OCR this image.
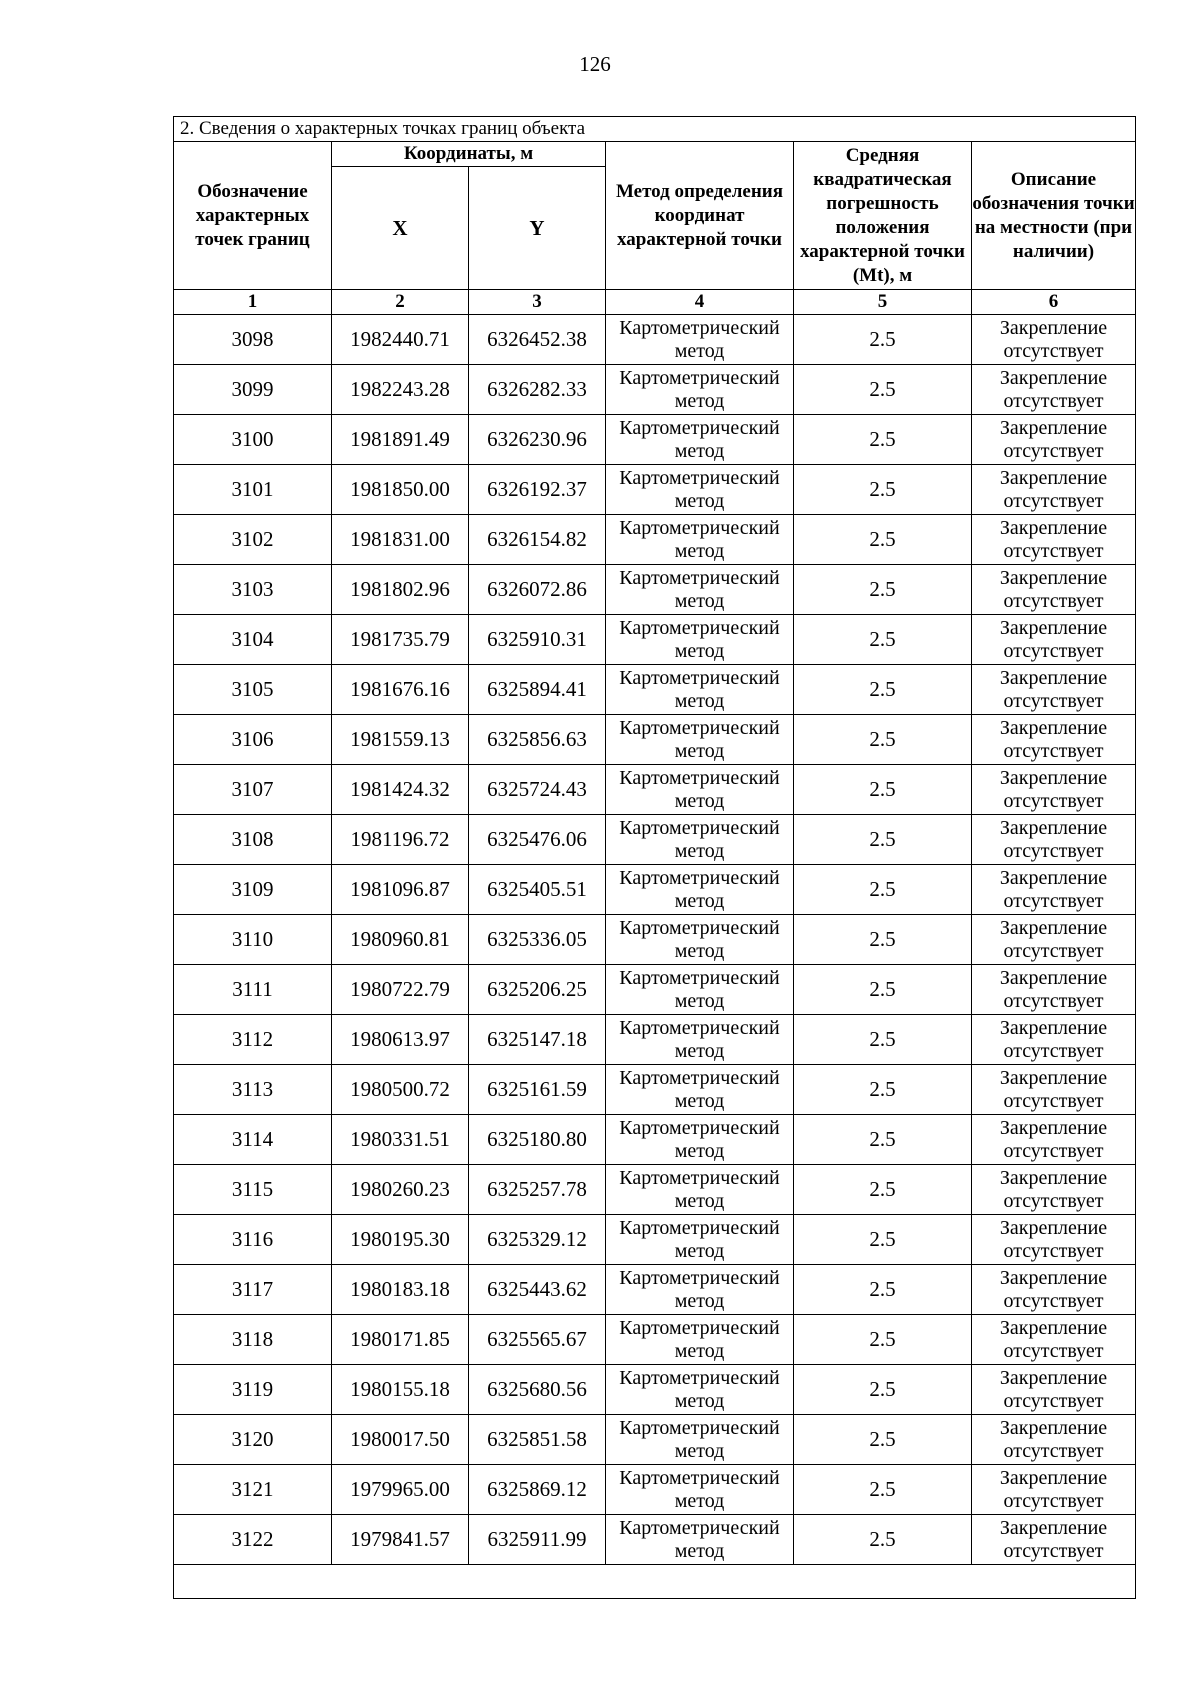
126
2. Сведения о характерных точках границ объекта					
Обозначение характерных точек границ	Координаты, м		Метод определения координат характерной точки	Средняя квадратическая погрешность положения характерной точки (Mt), м	Описание обозначения точки на местности (при наличии)
	X	Y			
1	2	3	4	5	6
3098	1982440.71	6326452.38	Картометрический метод	2.5	Закрепление отсутствует
3099	1982243.28	6326282.33	Картометрический метод	2.5	Закрепление отсутствует
3100	1981891.49	6326230.96	Картометрический метод	2.5	Закрепление отсутствует
3101	1981850.00	6326192.37	Картометрический метод	2.5	Закрепление отсутствует
3102	1981831.00	6326154.82	Картометрический метод	2.5	Закрепление отсутствует
3103	1981802.96	6326072.86	Картометрический метод	2.5	Закрепление отсутствует
3104	1981735.79	6325910.31	Картометрический метод	2.5	Закрепление отсутствует
3105	1981676.16	6325894.41	Картометрический метод	2.5	Закрепление отсутствует
3106	1981559.13	6325856.63	Картометрический метод	2.5	Закрепление отсутствует
3107	1981424.32	6325724.43	Картометрический метод	2.5	Закрепление отсутствует
3108	1981196.72	6325476.06	Картометрический метод	2.5	Закрепление отсутствует
3109	1981096.87	6325405.51	Картометрический метод	2.5	Закрепление отсутствует
3110	1980960.81	6325336.05	Картометрический метод	2.5	Закрепление отсутствует
3111	1980722.79	6325206.25	Картометрический метод	2.5	Закрепление отсутствует
3112	1980613.97	6325147.18	Картометрический метод	2.5	Закрепление отсутствует
3113	1980500.72	6325161.59	Картометрический метод	2.5	Закрепление отсутствует
3114	1980331.51	6325180.80	Картометрический метод	2.5	Закрепление отсутствует
3115	1980260.23	6325257.78	Картометрический метод	2.5	Закрепление отсутствует
3116	1980195.30	6325329.12	Картометрический метод	2.5	Закрепление отсутствует
3117	1980183.18	6325443.62	Картометрический метод	2.5	Закрепление отсутствует
3118	1980171.85	6325565.67	Картометрический метод	2.5	Закрепление отсутствует
3119	1980155.18	6325680.56	Картометрический метод	2.5	Закрепление отсутствует
3120	1980017.50	6325851.58	Картометрический метод	2.5	Закрепление отсутствует
3121	1979965.00	6325869.12	Картометрический метод	2.5	Закрепление отсутствует
3122	1979841.57	6325911.99	Картометрический метод	2.5	Закрепление отсутствует
